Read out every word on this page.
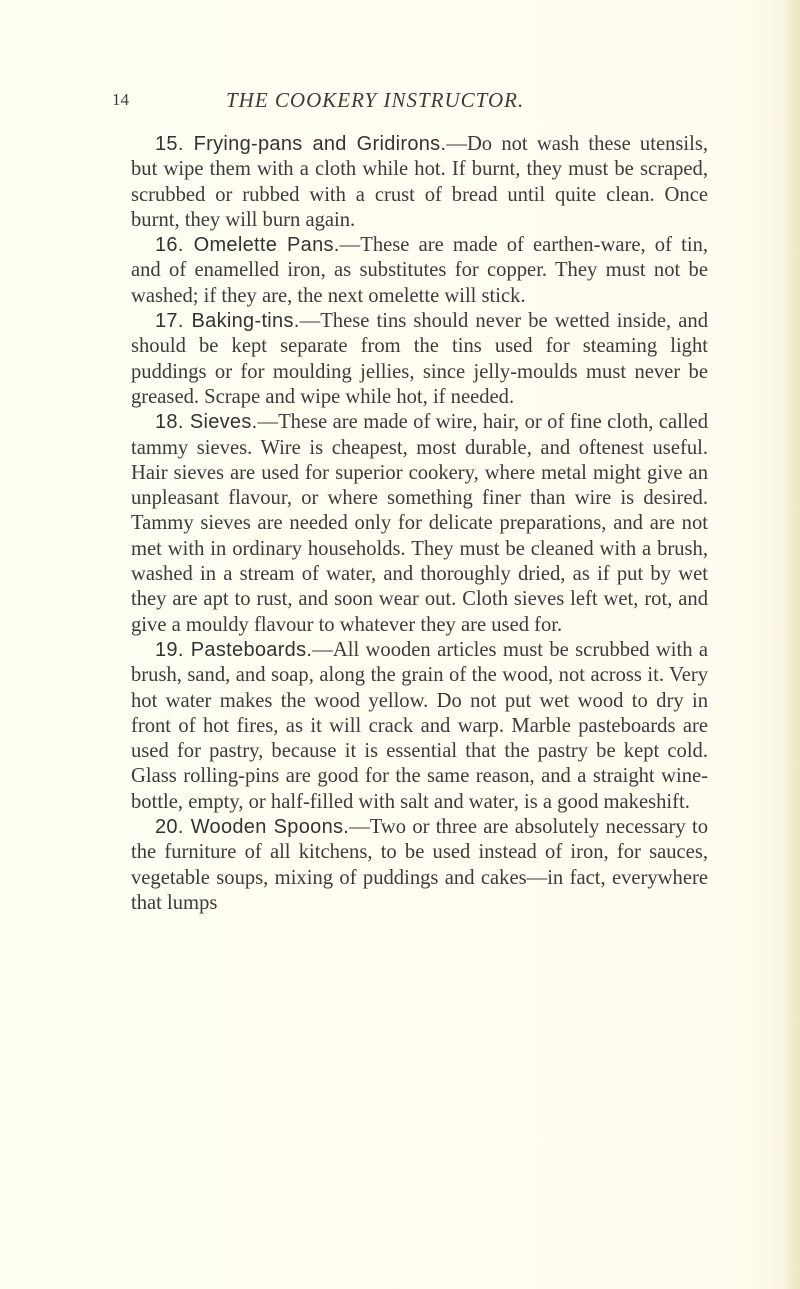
14	THE COOKERY INSTRUCTOR.

15. Frying-pans and Gridirons.—Do not wash these utensils, but wipe them with a cloth while hot. If burnt, they must be scraped, scrubbed or rubbed with a crust of bread until quite clean. Once burnt, they will burn again.

16. Omelette Pans.—These are made of earthen-ware, of tin, and of enamelled iron, as substitutes for copper. They must not be washed; if they are, the next omelette will stick.

17. Baking-tins.—These tins should never be wetted inside, and should be kept separate from the tins used for steaming light puddings or for moulding jellies, since jelly-moulds must never be greased. Scrape and wipe while hot, if needed.

18. Sieves.—These are made of wire, hair, or of fine cloth, called tammy sieves. Wire is cheapest, most durable, and oftenest useful. Hair sieves are used for superior cookery, where metal might give an unpleasant flavour, or where something finer than wire is desired. Tammy sieves are needed only for delicate preparations, and are not met with in ordinary households. They must be cleaned with a brush, washed in a stream of water, and thoroughly dried, as if put by wet they are apt to rust, and soon wear out. Cloth sieves left wet, rot, and give a mouldy flavour to whatever they are used for.

19. Pasteboards.—All wooden articles must be scrubbed with a brush, sand, and soap, along the grain of the wood, not across it. Very hot water makes the wood yellow. Do not put wet wood to dry in front of hot fires, as it will crack and warp. Marble pasteboards are used for pastry, because it is essential that the pastry be kept cold. Glass rolling-pins are good for the same reason, and a straight wine-bottle, empty, or half-filled with salt and water, is a good makeshift.

20. Wooden Spoons.—Two or three are absolutely necessary to the furniture of all kitchens, to be used instead of iron, for sauces, vegetable soups, mixing of puddings and cakes—in fact, everywhere that lumps
